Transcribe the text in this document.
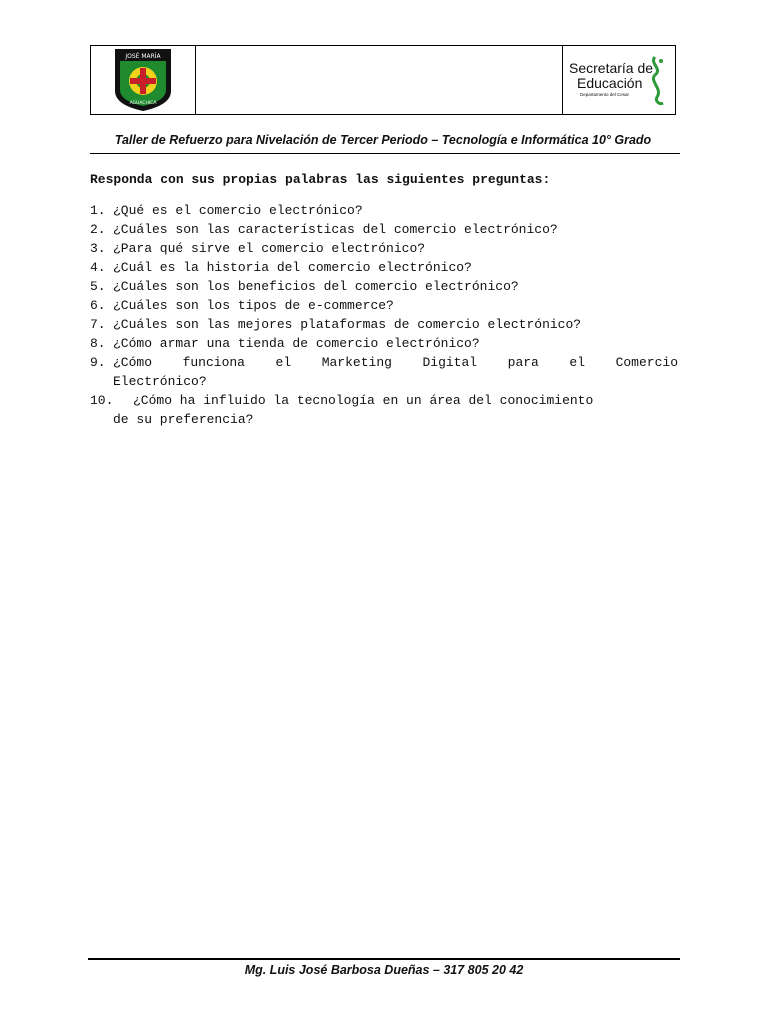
JOSÉ MARÍA
AGUACHICA
Secretaría de
Educación
Departamento del Cesar
Taller de Refuerzo para Nivelación de Tercer Periodo – Tecnología e Informática 10° Grado
Responda con sus propias palabras las siguientes preguntas:
1. ¿Qué es el comercio electrónico?
2. ¿Cuáles son las características del comercio electrónico?
3. ¿Para qué sirve el comercio electrónico?
4. ¿Cuál es la historia del comercio electrónico?
5. ¿Cuáles son los beneficios del comercio electrónico?
6. ¿Cuáles son los tipos de e-commerce?
7. ¿Cuáles son las mejores plataformas de comercio electrónico?
8. ¿Cómo armar una tienda de comercio electrónico?
9. ¿Cómo funciona el Marketing Digital para el Comercio
Electrónico?
10.	¿Cómo ha influido la tecnología en un área del conocimiento
de su preferencia?
Mg. Luis José Barbosa Dueñas – 317 805 20 42
